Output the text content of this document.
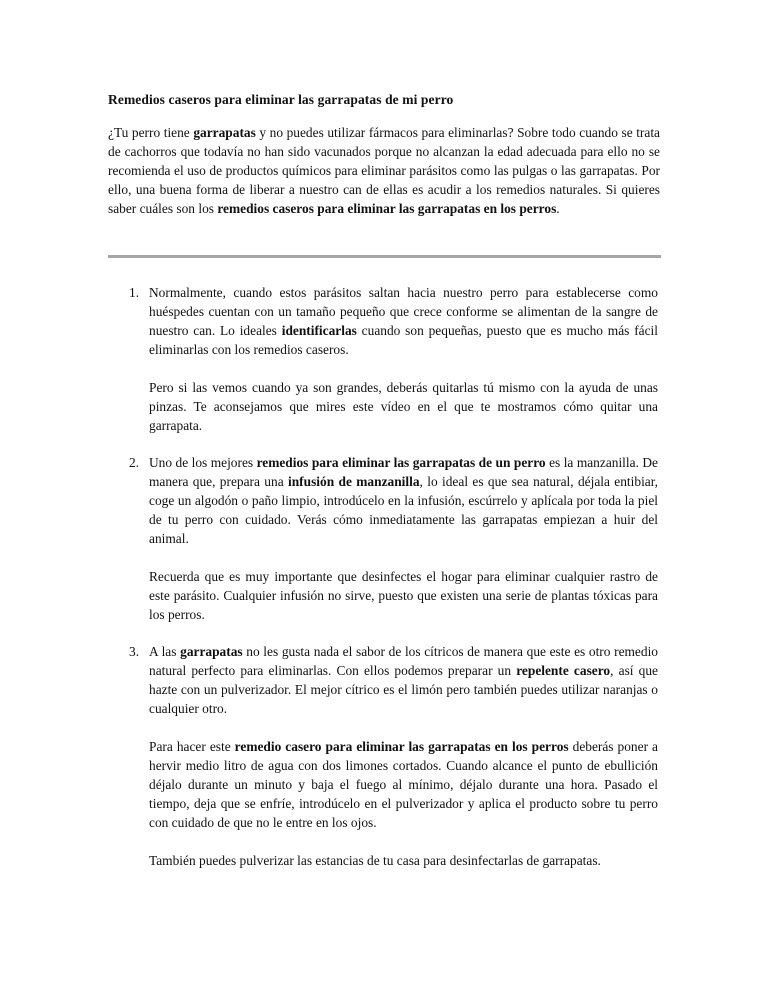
Remedios caseros para eliminar las garrapatas de mi perro

¿Tu perro tiene garrapatas y no puedes utilizar fármacos para eliminarlas? Sobre todo cuando se trata de cachorros que todavía no han sido vacunados porque no alcanzan la edad adecuada para ello no se recomienda el uso de productos químicos para eliminar parásitos como las pulgas o las garrapatas. Por ello, una buena forma de liberar a nuestro can de ellas es acudir a los remedios naturales. Si quieres saber cuáles son los remedios caseros para eliminar las garrapatas en los perros.

1. Normalmente, cuando estos parásitos saltan hacia nuestro perro para establecerse como huéspedes cuentan con un tamaño pequeño que crece conforme se alimentan de la sangre de nuestro can. Lo ideales identificarlas cuando son pequeñas, puesto que es mucho más fácil eliminarlas con los remedios caseros.

Pero si las vemos cuando ya son grandes, deberás quitarlas tú mismo con la ayuda de unas pinzas. Te aconsejamos que mires este vídeo en el que te mostramos cómo quitar una garrapata.

2. Uno de los mejores remedios para eliminar las garrapatas de un perro es la manzanilla. De manera que, prepara una infusión de manzanilla, lo ideal es que sea natural, déjala entibiar, coge un algodón o paño limpio, introdúcelo en la infusión, escúrrelo y aplícala por toda la piel de tu perro con cuidado. Verás cómo inmediatamente las garrapatas empiezan a huir del animal.

Recuerda que es muy importante que desinfectes el hogar para eliminar cualquier rastro de este parásito. Cualquier infusión no sirve, puesto que existen una serie de plantas tóxicas para los perros.

3. A las garrapatas no les gusta nada el sabor de los cítricos de manera que este es otro remedio natural perfecto para eliminarlas. Con ellos podemos preparar un repelente casero, así que hazte con un pulverizador. El mejor cítrico es el limón pero también puedes utilizar naranjas o cualquier otro.

Para hacer este remedio casero para eliminar las garrapatas en los perros deberás poner a hervir medio litro de agua con dos limones cortados. Cuando alcance el punto de ebullición déjalo durante un minuto y baja el fuego al mínimo, déjalo durante una hora. Pasado el tiempo, deja que se enfríe, introdúcelo en el pulverizador y aplica el producto sobre tu perro con cuidado de que no le entre en los ojos.

También puedes pulverizar las estancias de tu casa para desinfectarlas de garrapatas.
